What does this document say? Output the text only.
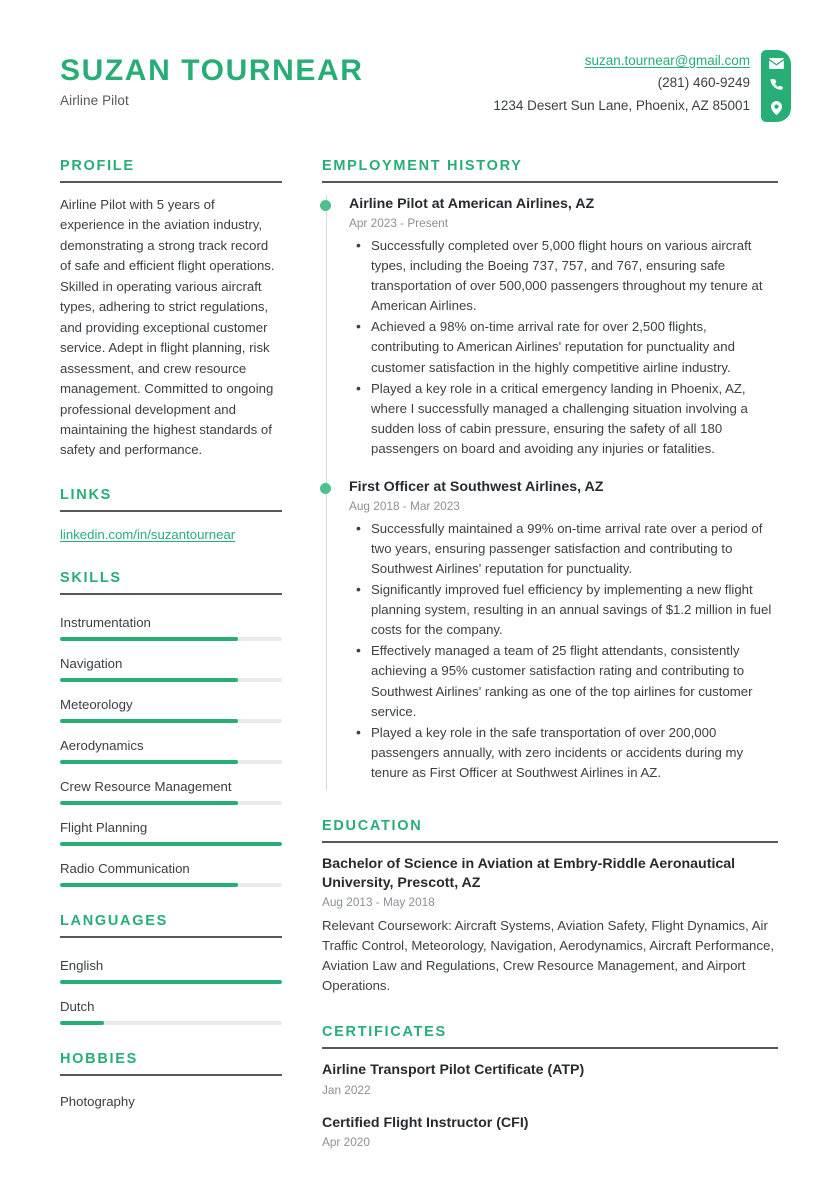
SUZAN TOURNEAR
Airline Pilot
suzan.tournear@gmail.com
(281) 460-9249
1234 Desert Sun Lane, Phoenix, AZ 85001
PROFILE
Airline Pilot with 5 years of experience in the aviation industry, demonstrating a strong track record of safe and efficient flight operations. Skilled in operating various aircraft types, adhering to strict regulations, and providing exceptional customer service. Adept in flight planning, risk assessment, and crew resource management. Committed to ongoing professional development and maintaining the highest standards of safety and performance.
LINKS
linkedin.com/in/suzantournear
SKILLS
Instrumentation
Navigation
Meteorology
Aerodynamics
Crew Resource Management
Flight Planning
Radio Communication
LANGUAGES
English
Dutch
HOBBIES
Photography
EMPLOYMENT HISTORY
Airline Pilot at American Airlines, AZ
Apr 2023 - Present
• Successfully completed over 5,000 flight hours on various aircraft types, including the Boeing 737, 757, and 767, ensuring safe transportation of over 500,000 passengers throughout my tenure at American Airlines.
• Achieved a 98% on-time arrival rate for over 2,500 flights, contributing to American Airlines' reputation for punctuality and customer satisfaction in the highly competitive airline industry.
• Played a key role in a critical emergency landing in Phoenix, AZ, where I successfully managed a challenging situation involving a sudden loss of cabin pressure, ensuring the safety of all 180 passengers on board and avoiding any injuries or fatalities.
First Officer at Southwest Airlines, AZ
Aug 2018 - Mar 2023
• Successfully maintained a 99% on-time arrival rate over a period of two years, ensuring passenger satisfaction and contributing to Southwest Airlines' reputation for punctuality.
• Significantly improved fuel efficiency by implementing a new flight planning system, resulting in an annual savings of $1.2 million in fuel costs for the company.
• Effectively managed a team of 25 flight attendants, consistently achieving a 95% customer satisfaction rating and contributing to Southwest Airlines' ranking as one of the top airlines for customer service.
• Played a key role in the safe transportation of over 200,000 passengers annually, with zero incidents or accidents during my tenure as First Officer at Southwest Airlines in AZ.
EDUCATION
Bachelor of Science in Aviation at Embry-Riddle Aeronautical University, Prescott, AZ
Aug 2013 - May 2018
Relevant Coursework: Aircraft Systems, Aviation Safety, Flight Dynamics, Air Traffic Control, Meteorology, Navigation, Aerodynamics, Aircraft Performance, Aviation Law and Regulations, Crew Resource Management, and Airport Operations.
CERTIFICATES
Airline Transport Pilot Certificate (ATP)
Jan 2022
Certified Flight Instructor (CFI)
Apr 2020
